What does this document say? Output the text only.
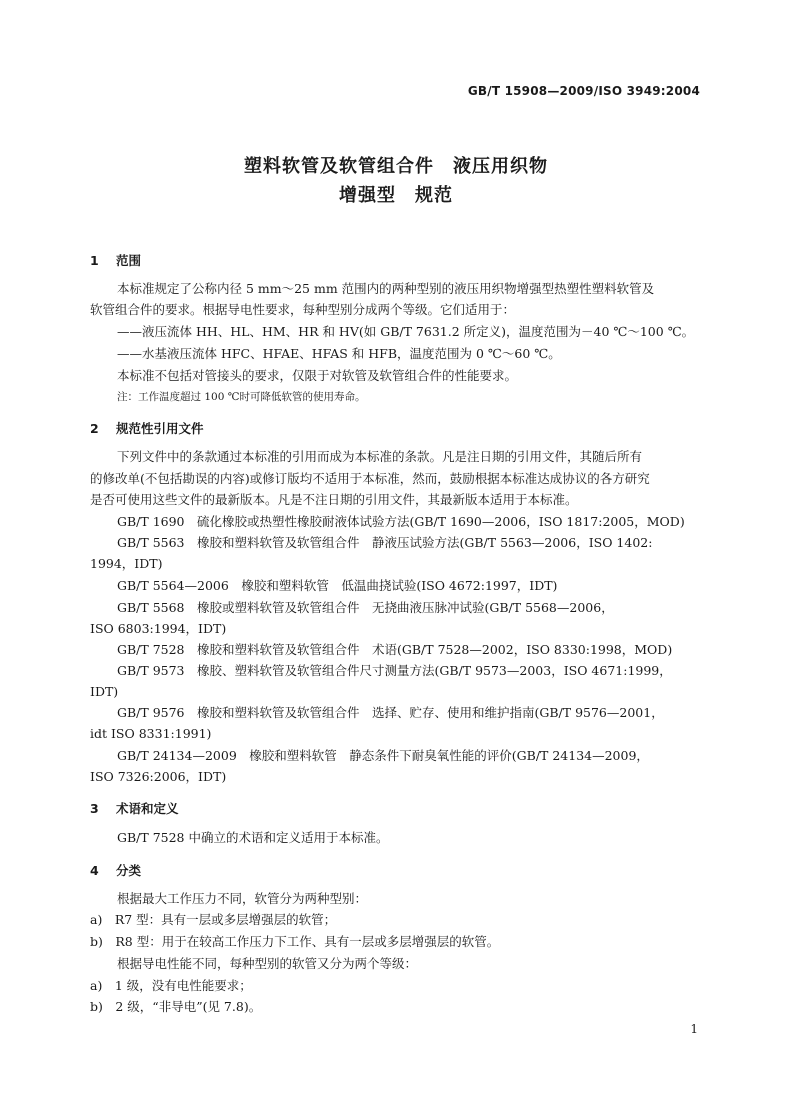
GB/T 15908—2009/ISO 3949:2004
塑料软管及软管组合件　液压用织物
增强型　规范
1 范围
本标准规定了公称内径 5 mm～25 mm 范围内的两种型别的液压用织物增强型热塑性塑料软管及
软管组合件的要求。根据导电性要求，每种型别分成两个等级。它们适用于：
——液压流体 HH、HL、HM、HR 和 HV(如 GB/T 7631.2 所定义)，温度范围为－40 ℃～100 ℃。
——水基液压流体 HFC、HFAE、HFAS 和 HFB，温度范围为 0 ℃～60 ℃。
本标准不包括对管接头的要求，仅限于对软管及软管组合件的性能要求。
注：工作温度超过 100 ℃时可降低软管的使用寿命。
2 规范性引用文件
下列文件中的条款通过本标准的引用而成为本标准的条款。凡是注日期的引用文件，其随后所有
的修改单(不包括勘误的内容)或修订版均不适用于本标准，然而，鼓励根据本标准达成协议的各方研究
是否可使用这些文件的最新版本。凡是不注日期的引用文件，其最新版本适用于本标准。
GB/T 1690　硫化橡胶或热塑性橡胶耐液体试验方法(GB/T 1690—2006，ISO 1817:2005，MOD)
GB/T 5563　橡胶和塑料软管及软管组合件　静液压试验方法(GB/T 5563—2006，ISO 1402:
1994，IDT)
GB/T 5564—2006　橡胶和塑料软管　低温曲挠试验(ISO 4672:1997，IDT)
GB/T 5568　橡胶或塑料软管及软管组合件　无挠曲液压脉冲试验(GB/T 5568—2006，
ISO 6803:1994，IDT)
GB/T 7528　橡胶和塑料软管及软管组合件　术语(GB/T 7528—2002，ISO 8330:1998，MOD)
GB/T 9573　橡胶、塑料软管及软管组合件尺寸测量方法(GB/T 9573—2003，ISO 4671:1999，
IDT)
GB/T 9576　橡胶和塑料软管及软管组合件　选择、贮存、使用和维护指南(GB/T 9576—2001，
idt ISO 8331:1991)
GB/T 24134—2009　橡胶和塑料软管　静态条件下耐臭氧性能的评价(GB/T 24134—2009，
ISO 7326:2006，IDT)
3 术语和定义
GB/T 7528 中确立的术语和定义适用于本标准。
4 分类
根据最大工作压力不同，软管分为两种型别：
a)　R7 型：具有一层或多层增强层的软管；
b)　R8 型：用于在较高工作压力下工作、具有一层或多层增强层的软管。
根据导电性能不同，每种型别的软管又分为两个等级：
a)　1 级，没有电性能要求；
b)　2 级，“非导电”(见 7.8)。
1
